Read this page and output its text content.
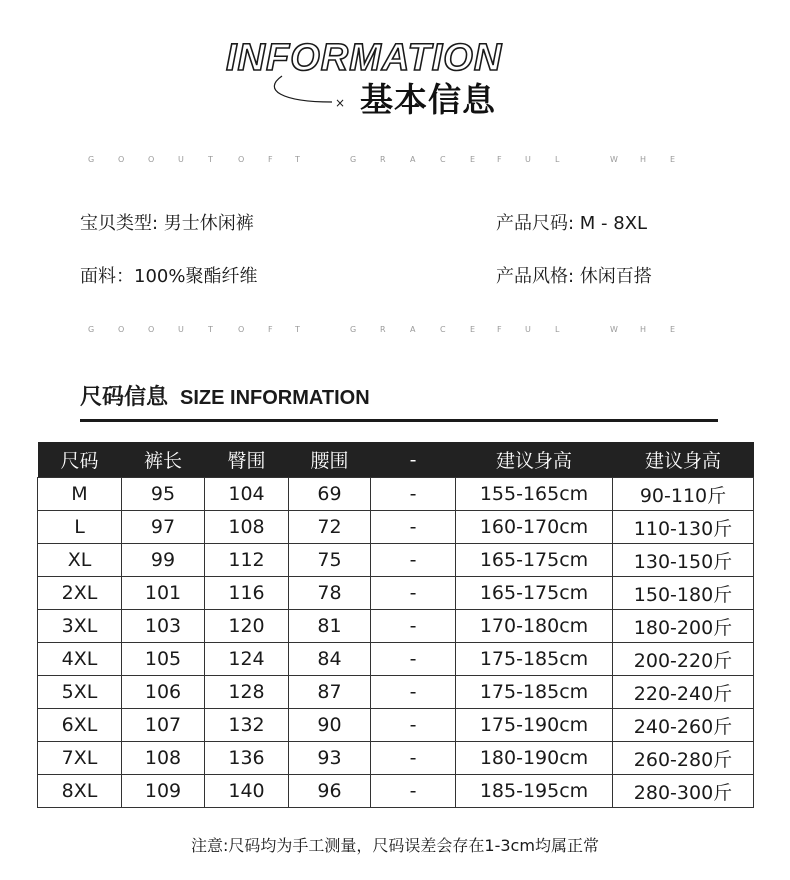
INFORMATION
× 基本信息
G	O	O	U	T	O	F	T	G	R	A	C	E	F	U	L	W	H	E
G	O	O	U	T	O	F	T	G	R	A	C	E	F	U	L	W	H	E
宝贝类型: 男士休闲裤	产品尺码: M - 8XL
面料：100%聚酯纤维	产品风格: 休闲百搭
尺码信息 SIZE INFORMATION
尺码	裤长	臀围	腰围	-	建议身高	建议身高
M	95	104	69	-	155-165cm	90-110斤
L	97	108	72	-	160-170cm	110-130斤
XL	99	112	75	-	165-175cm	130-150斤
2XL	101	116	78	-	165-175cm	150-180斤
3XL	103	120	81	-	170-180cm	180-200斤
4XL	105	124	84	-	175-185cm	200-220斤
5XL	106	128	87	-	175-185cm	220-240斤
6XL	107	132	90	-	175-190cm	240-260斤
7XL	108	136	93	-	180-190cm	260-280斤
8XL	109	140	96	-	185-195cm	280-300斤
注意:尺码均为手工测量，尺码误差会存在1-3cm均属正常
